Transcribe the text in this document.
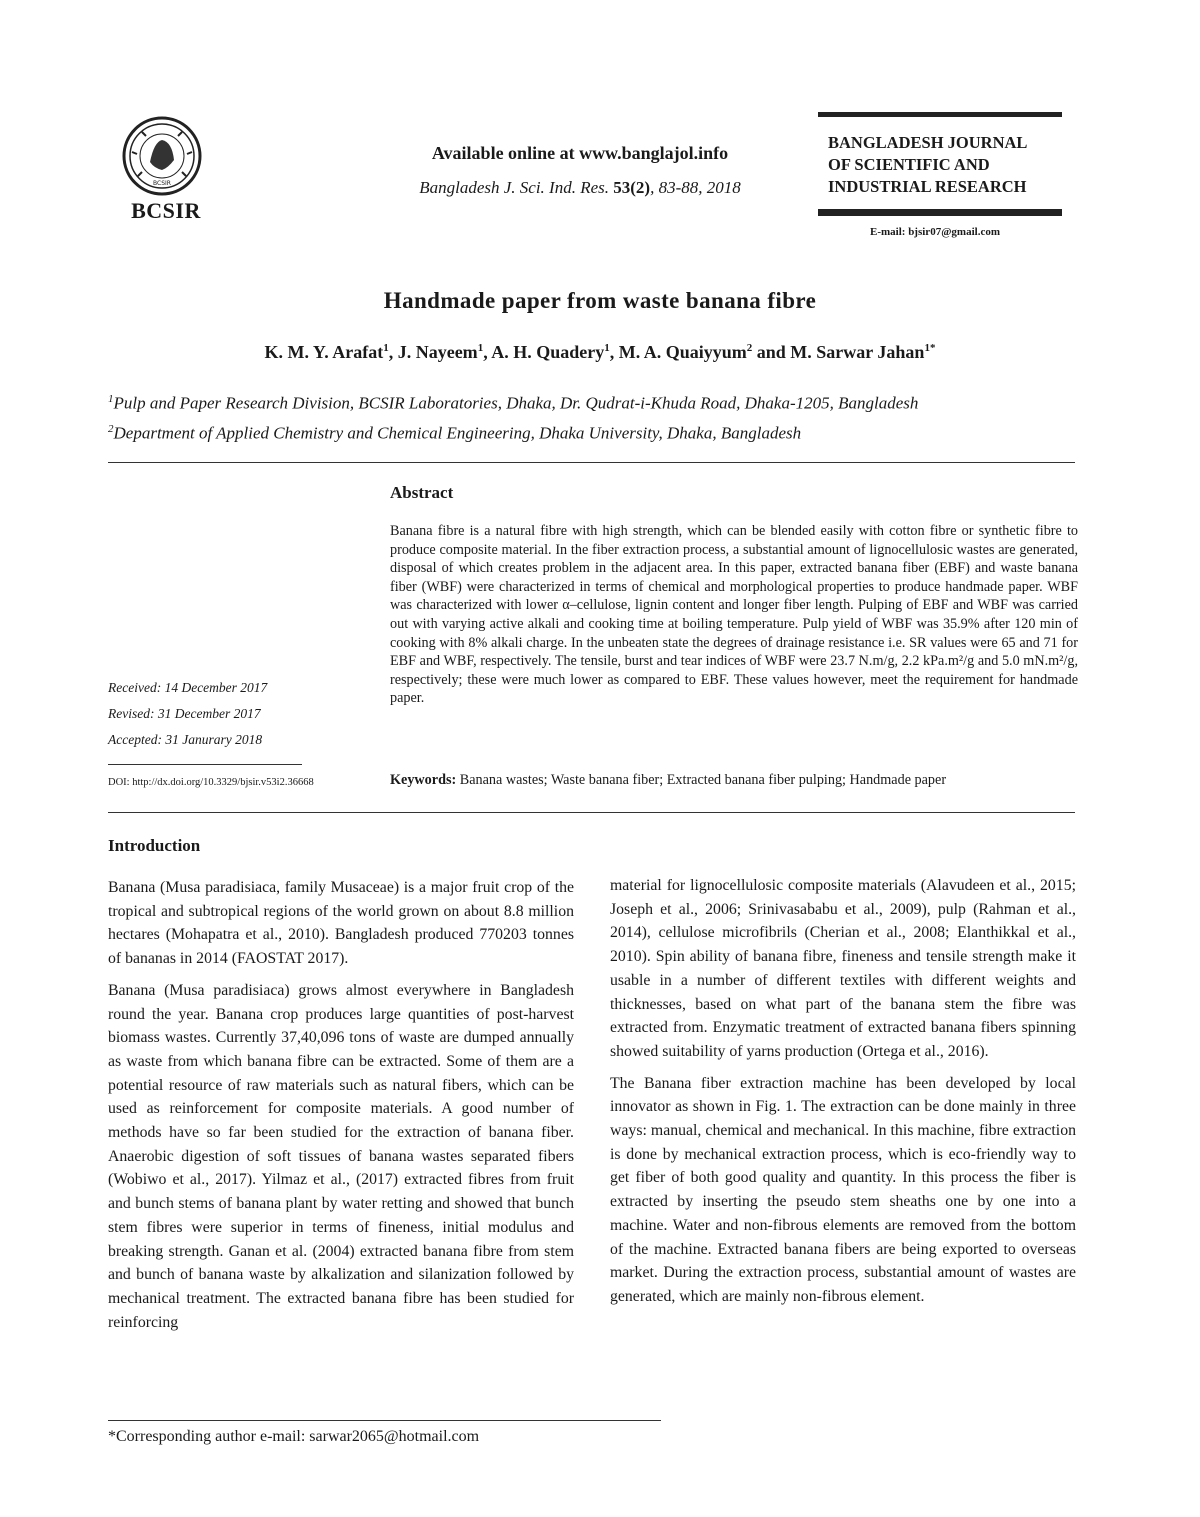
BCSIR
BCSIR
Available online at www.banglajol.info
Bangladesh J. Sci. Ind. Res. 53(2), 83-88, 2018
BANGLADESH JOURNAL
OF SCIENTIFIC AND
INDUSTRIAL RESEARCH
E-mail: bjsir07@gmail.com
Handmade paper from waste banana fibre
K. M. Y. Arafat$^1$, J. Nayeem$^1$, A. H. Quadery$^1$, M. A. Quaiyyum$^2$ and M. Sarwar Jahan$^{1*}$
$^1$Pulp and Paper Research Division, BCSIR Laboratories, Dhaka, Dr. Qudrat-i-Khuda Road, Dhaka-1205, Bangladesh
$^2$Department of Applied Chemistry and Chemical Engineering, Dhaka University, Dhaka, Bangladesh
Abstract
Banana fibre is a natural fibre with high strength, which can be blended easily with cotton fibre or synthetic fibre to produce composite material. In the fiber extraction process, a substantial amount of lignocellulosic wastes are generated, disposal of which creates problem in the adjacent area. In this paper, extracted banana fiber (EBF) and waste banana fiber (WBF) were characterized in terms of chemical and morphological properties to produce handmade paper. WBF was characterized with lower α–cellulose, lignin content and longer fiber length. Pulping of EBF and WBF was carried out with varying active alkali and cooking time at boiling temperature. Pulp yield of WBF was 35.9% after 120 min of cooking with 8% alkali charge. In the unbeaten state the degrees of drainage resistance i.e. SR values were 65 and 71 for EBF and WBF, respectively. The tensile, burst and tear indices of WBF were 23.7 N.m/g, 2.2 kPa.m²/g and 5.0 mN.m²/g, respectively; these were much lower as compared to EBF. These values however, meet the requirement for handmade paper.
Received: 14 December 2017
Revised: 31 December 2017
Accepted: 31 Janurary 2018
DOI: http://dx.doi.org/10.3329/bjsir.v53i2.36668	Keywords: Banana wastes; Waste banana fiber; Extracted banana fiber pulping; Handmade paper
Introduction

Banana (Musa paradisiaca, family Musaceae) is a major fruit crop of the tropical and subtropical regions of the world grown on about 8.8 million hectares (Mohapatra et al., 2010). Bangladesh produced 770203 tonnes of bananas in 2014 (FAOSTAT 2017).

Banana (Musa paradisiaca) grows almost everywhere in Bangladesh round the year. Banana crop produces large quantities of post-harvest biomass wastes. Currently 37,40,096 tons of waste are dumped annually as waste from which banana fibre can be extracted. Some of them are a potential resource of raw materials such as natural fibers, which can be used as reinforcement for composite materials. A good number of methods have so far been studied for the extraction of banana fiber. Anaerobic digestion of soft tissues of banana wastes separated fibers (Wobiwo et al., 2017). Yilmaz et al., (2017) extracted fibres from fruit and bunch stems of banana plant by water retting and showed that bunch stem fibres were superior in terms of fineness, initial modulus and breaking strength. Ganan et al. (2004) extracted banana fibre from stem and bunch of banana waste by alkalization and silanization followed by mechanical treatment. The extracted banana fibre has been studied for reinforcing

material for lignocellulosic composite materials (Alavudeen et al., 2015; Joseph et al., 2006; Srinivasababu et al., 2009), pulp (Rahman et al., 2014), cellulose microfibrils (Cherian et al., 2008; Elanthikkal et al., 2010). Spin ability of banana fibre, fineness and tensile strength make it usable in a number of different textiles with different weights and thicknesses, based on what part of the banana stem the fibre was extracted from. Enzymatic treatment of extracted banana fibers spinning showed suitability of yarns production (Ortega et al., 2016).

The Banana fiber extraction machine has been developed by local innovator as shown in Fig. 1. The extraction can be done mainly in three ways: manual, chemical and mechanical. In this machine, fibre extraction is done by mechanical extraction process, which is eco-friendly way to get fiber of both good quality and quantity. In this process the fiber is extracted by inserting the pseudo stem sheaths one by one into a machine. Water and non-fibrous elements are removed from the bottom of the machine. Extracted banana fibers are being exported to overseas market. During the extraction process, substantial amount of wastes are generated, which are mainly non-fibrous element.

*Corresponding author e-mail: sarwar2065@hotmail.com
